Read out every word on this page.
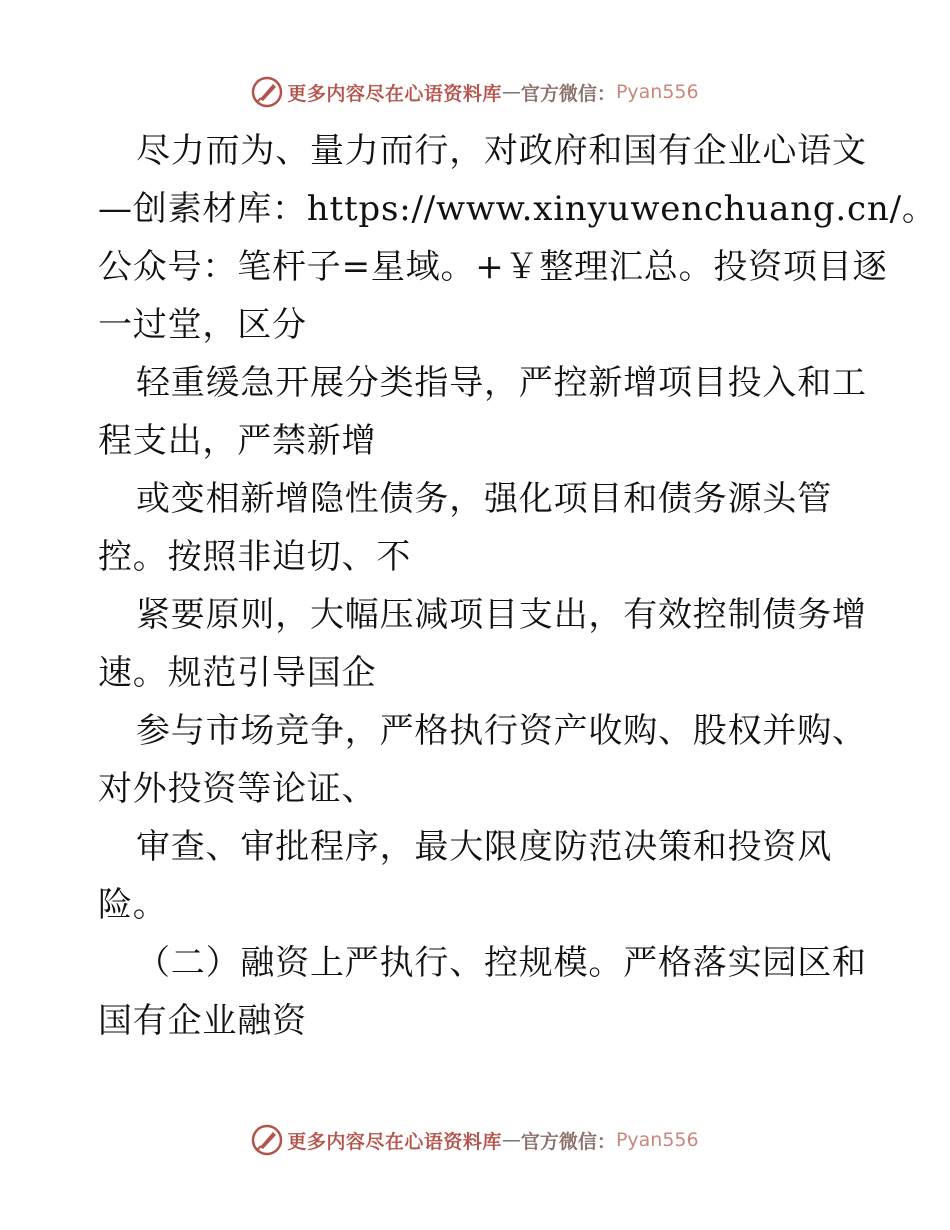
更多内容尽在心语资料库 — 官方微信： Pyan556

尽力而为、量力而行，对政府和国有企业心语文

—创素材库：https://www.xinyuwenchuang.cn/。

公众号：笔杆子=星域。+￥整理汇总。投资项目逐

一过堂，区分

轻重缓急开展分类指导，严控新增项目投入和工

程支出，严禁新增

或变相新增隐性债务，强化项目和债务源头管

控。按照非迫切、不

紧要原则，大幅压减项目支出，有效控制债务增

速。规范引导国企

参与市场竞争，严格执行资产收购、股权并购、

对外投资等论证、

审查、审批程序，最大限度防范决策和投资风

险。

（二）融资上严执行、控规模。严格落实园区和

国有企业融资

更多内容尽在心语资料库 — 官方微信： Pyan556
